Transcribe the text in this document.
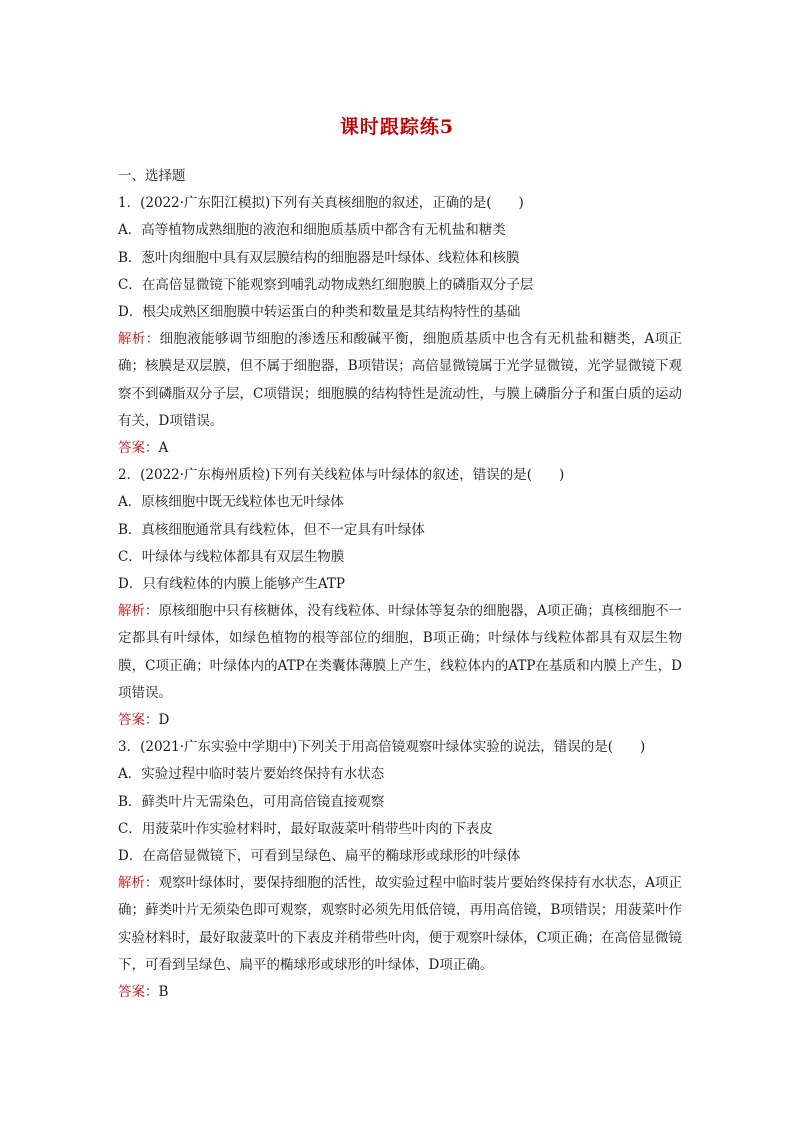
课时跟踪练5
一、选择题
1．(2022·广东阳江模拟)下列有关真核细胞的叙述，正确的是(　　)
A．高等植物成熟细胞的液泡和细胞质基质中都含有无机盐和糖类
B．葱叶肉细胞中具有双层膜结构的细胞器是叶绿体、线粒体和核膜
C．在高倍显微镜下能观察到哺乳动物成熟红细胞膜上的磷脂双分子层
D．根尖成熟区细胞膜中转运蛋白的种类和数量是其结构特性的基础
解析：细胞液能够调节细胞的渗透压和酸碱平衡，细胞质基质中也含有无机盐和糖类，A项正确；核膜是双层膜，但不属于细胞器，B项错误；高倍显微镜属于光学显微镜，光学显微镜下观察不到磷脂双分子层，C项错误；细胞膜的结构特性是流动性，与膜上磷脂分子和蛋白质的运动有关，D项错误。
答案：A
2．(2022·广东梅州质检)下列有关线粒体与叶绿体的叙述，错误的是(　　)
A．原核细胞中既无线粒体也无叶绿体
B．真核细胞通常具有线粒体，但不一定具有叶绿体
C．叶绿体与线粒体都具有双层生物膜
D．只有线粒体的内膜上能够产生ATP
解析：原核细胞中只有核糖体，没有线粒体、叶绿体等复杂的细胞器，A项正确；真核细胞不一定都具有叶绿体，如绿色植物的根等部位的细胞，B项正确；叶绿体与线粒体都具有双层生物膜，C项正确；叶绿体内的ATP在类囊体薄膜上产生，线粒体内的ATP在基质和内膜上产生，D项错误。
答案：D
3．(2021·广东实验中学期中)下列关于用高倍镜观察叶绿体实验的说法，错误的是(　　)
A．实验过程中临时装片要始终保持有水状态
B．藓类叶片无需染色，可用高倍镜直接观察
C．用菠菜叶作实验材料时，最好取菠菜叶稍带些叶肉的下表皮
D．在高倍显微镜下，可看到呈绿色、扁平的椭球形或球形的叶绿体
解析：观察叶绿体时，要保持细胞的活性，故实验过程中临时装片要始终保持有水状态，A项正确；藓类叶片无须染色即可观察，观察时必须先用低倍镜，再用高倍镜，B项错误；用菠菜叶作实验材料时，最好取菠菜叶的下表皮并稍带些叶肉，便于观察叶绿体，C项正确；在高倍显微镜下，可看到呈绿色、扁平的椭球形或球形的叶绿体，D项正确。
答案：B
